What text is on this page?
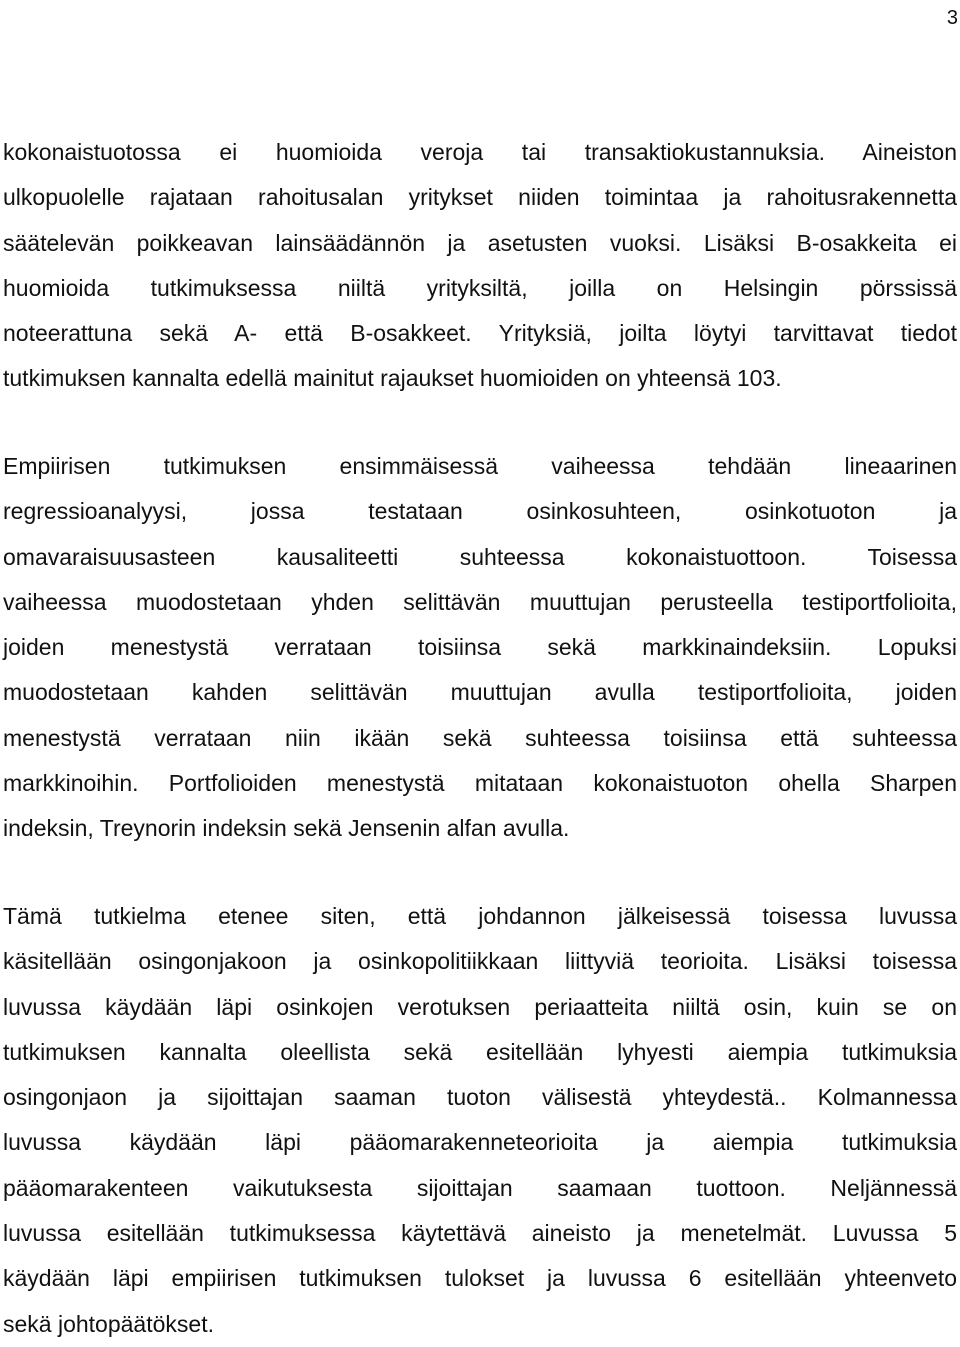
3
kokonaistuotossa ei huomioida veroja tai transaktiokustannuksia. Aineiston
ulkopuolelle rajataan rahoitusalan yritykset niiden toimintaa ja rahoitusrakennetta
säätelevän poikkeavan lainsäädännön ja asetusten vuoksi. Lisäksi B-osakkeita ei
huomioida tutkimuksessa niiltä yrityksiltä, joilla on Helsingin pörssissä
noteerattuna sekä A- että B-osakkeet. Yrityksiä, joilta löytyi tarvittavat tiedot
tutkimuksen kannalta edellä mainitut rajaukset huomioiden on yhteensä 103.
Empiirisen tutkimuksen ensimmäisessä vaiheessa tehdään lineaarinen
regressioanalyysi, jossa testataan osinkosuhteen, osinkotuoton ja
omavaraisuusasteen kausaliteetti suhteessa kokonaistuottoon. Toisessa
vaiheessa muodostetaan yhden selittävän muuttujan perusteella testiportfolioita,
joiden menestystä verrataan toisiinsa sekä markkinaindeksiin. Lopuksi
muodostetaan kahden selittävän muuttujan avulla testiportfolioita, joiden
menestystä verrataan niin ikään sekä suhteessa toisiinsa että suhteessa
markkinoihin. Portfolioiden menestystä mitataan kokonaistuoton ohella Sharpen
indeksin, Treynorin indeksin sekä Jensenin alfan avulla.
Tämä tutkielma etenee siten, että johdannon jälkeisessä toisessa luvussa
käsitellään osingonjakoon ja osinkopolitiikkaan liittyviä teorioita. Lisäksi toisessa
luvussa käydään läpi osinkojen verotuksen periaatteita niiltä osin, kuin se on
tutkimuksen kannalta oleellista sekä esitellään lyhyesti aiempia tutkimuksia
osingonjaon ja sijoittajan saaman tuoton välisestä yhteydestä.. Kolmannessa
luvussa käydään läpi pääomarakenneteorioita ja aiempia tutkimuksia
pääomarakenteen vaikutuksesta sijoittajan saamaan tuottoon. Neljännessä
luvussa esitellään tutkimuksessa käytettävä aineisto ja menetelmät. Luvussa 5
käydään läpi empiirisen tutkimuksen tulokset ja luvussa 6 esitellään yhteenveto
sekä johtopäätökset.
